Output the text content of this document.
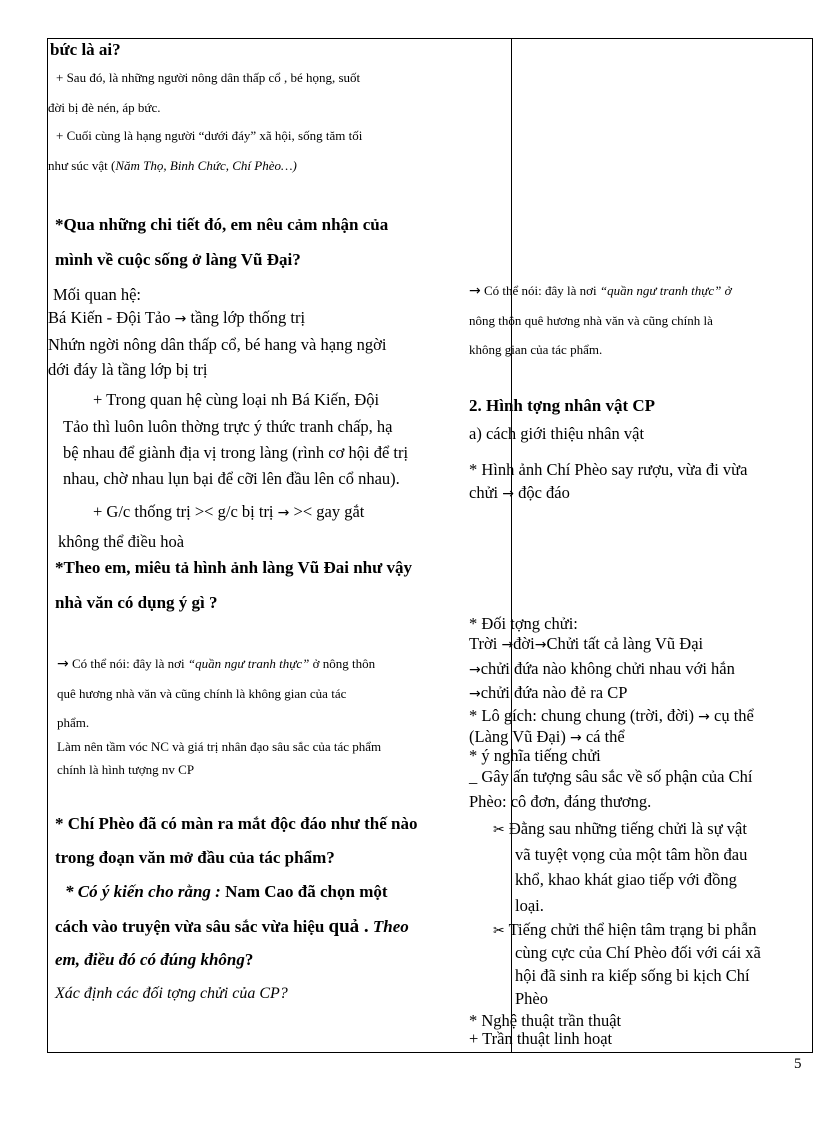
bức là ai?
+ Sau đó, là những người nông dân thấp cổ , bé họng, suốt
đời bị đè nén, áp bức.
+ Cuối cùng là hạng người “dưới đáy” xã hội, sống tăm tối
như súc vật (Năm Thọ, Binh Chức, Chí Phèo…)
*Qua những chi tiết đó, em nêu cảm nhận của
mình về cuộc sống ở làng Vũ Đại?
Mối quan hệ:
Bá Kiến - Đội Tảo → tầng lớp thống trị
Nhứn ngời nông dân thấp cổ, bé hang và hạng ngời
dới đáy là tầng lớp bị trị
+ Trong quan hệ cùng loại nh Bá Kiến, Đội
Tảo thì luôn luôn thờng trực ý thức tranh chấp, hạ
bệ nhau để giành địa vị trong làng (rình cơ hội để trị
nhau, chờ nhau lụn bại để cỡi lên đầu lên cổ nhau).
+ G/c thống trị >< g/c bị trị → >< gay gắt
không thể điều hoà
*Theo em, miêu tả hình ảnh làng Vũ Đai như vậy
nhà văn có dụng ý gì ?
→ Có thể nói: đây là nơi “quần ngư tranh thực” ở nông thôn
quê hương nhà văn và cũng chính là không gian của tác
phẩm.
Làm nên tầm vóc NC và giá trị nhân đạo sâu sắc của tác phẩm
chính là hình tượng nv CP
* Chí Phèo đã có màn ra mắt độc đáo như thế nào
trong đoạn văn mở đầu của tác phẩm?
* Có ý kiến cho rằng : Nam Cao đã chọn một
cách vào truyện vừa sâu sắc vừa hiệu quả . Theo
em, điều đó có đúng không?
Xác định các đối tợng chửi của CP?
→ Có thể nói: đây là nơi “quần ngư tranh thực” ở
nông thôn quê hương nhà văn và cũng chính là
không gian của tác phẩm.
2. Hình tợng nhân vật CP
a) cách giới thiệu nhân vật
* Hình ảnh Chí Phèo say rượu, vừa đi vừa
chửi → độc đáo
* Đối tợng chửi:
Trời →đời→Chửi tất cả làng Vũ Đại
→chửi đứa nào không chửi nhau với hắn
→chửi đứa nào đẻ ra CP
* Lô gích: chung chung (trời, đời) → cụ thể
(Làng Vũ Đại) → cá thể
* ý nghĩa tiếng chửi
_ Gây ấn tượng sâu sắc về số phận của Chí
Phèo: cô đơn, đáng thương.
✂ Đằng sau những tiếng chửi là sự vật
vã tuyệt vọng của một tâm hồn đau
khổ, khao khát giao tiếp với đồng
loại.
✂ Tiếng chửi thể hiện tâm trạng bi phẫn
cùng cực của Chí Phèo đối với cái xã
hội đã sinh ra kiếp sống bi kịch Chí
Phèo
* Nghệ thuật trần thuật
+ Trần thuật linh hoạt
5
